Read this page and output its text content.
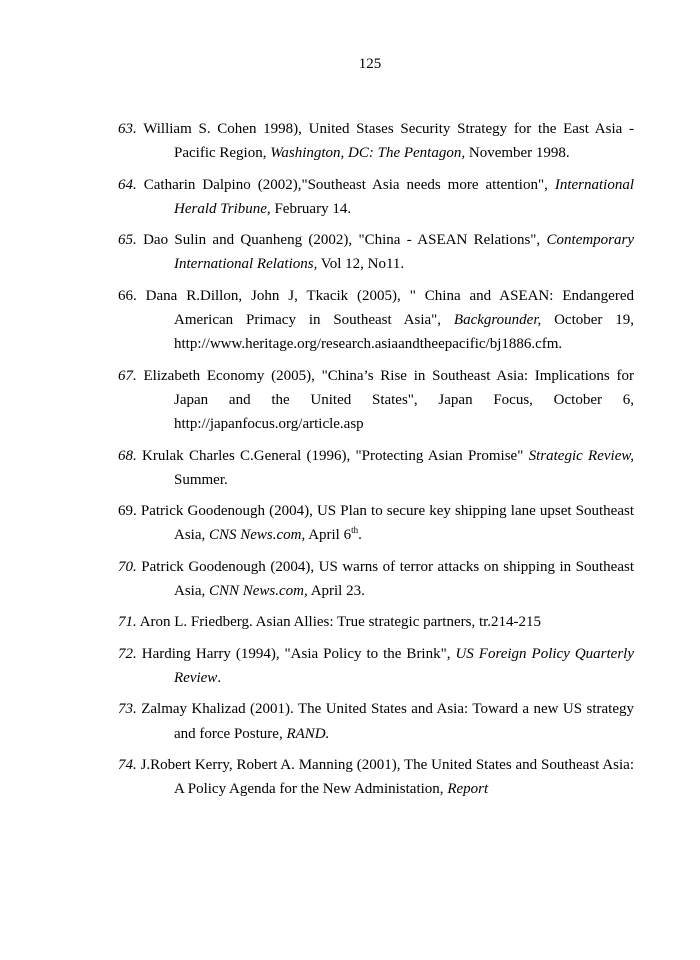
125

63. William S. Cohen 1998), United Stases Security Strategy for the East Asia - Pacific Region, Washington, DC: The Pentagon, November 1998.

64. Catharin Dalpino (2002),"Southeast Asia needs more attention", International Herald Tribune, February 14.

65. Dao Sulin and Quanheng (2002), "China - ASEAN Relations", Contemporary International Relations, Vol 12, No11.

66. Dana R.Dillon, John J, Tkacik (2005), " China and ASEAN: Endangered American Primacy in Southeast Asia", Backgrounder, October 19, http://www.heritage.org/research.asiaandtheepacific/bj1886.cfm.

67. Elizabeth Economy (2005), "China’s Rise in Southeast Asia: Implications for Japan and the United States", Japan Focus, October 6, http://japanfocus.org/article.asp

68. Krulak Charles C.General (1996), "Protecting Asian Promise" Strategic Review, Summer.

69. Patrick Goodenough (2004), US Plan to secure key shipping lane upset Southeast Asia, CNS News.com, April 6th.

70. Patrick Goodenough (2004), US warns of terror attacks on shipping in Southeast Asia, CNN News.com, April 23.

71. Aron L. Friedberg. Asian Allies: True strategic partners, tr.214-215

72. Harding Harry (1994), "Asia Policy to the Brink", US Foreign Policy Quarterly Review.

73. Zalmay Khalizad (2001). The United States and Asia: Toward a new US strategy and force Posture, RAND.

74. J.Robert Kerry, Robert A. Manning (2001), The United States and Southeast Asia: A Policy Agenda for the New Administation, Report
